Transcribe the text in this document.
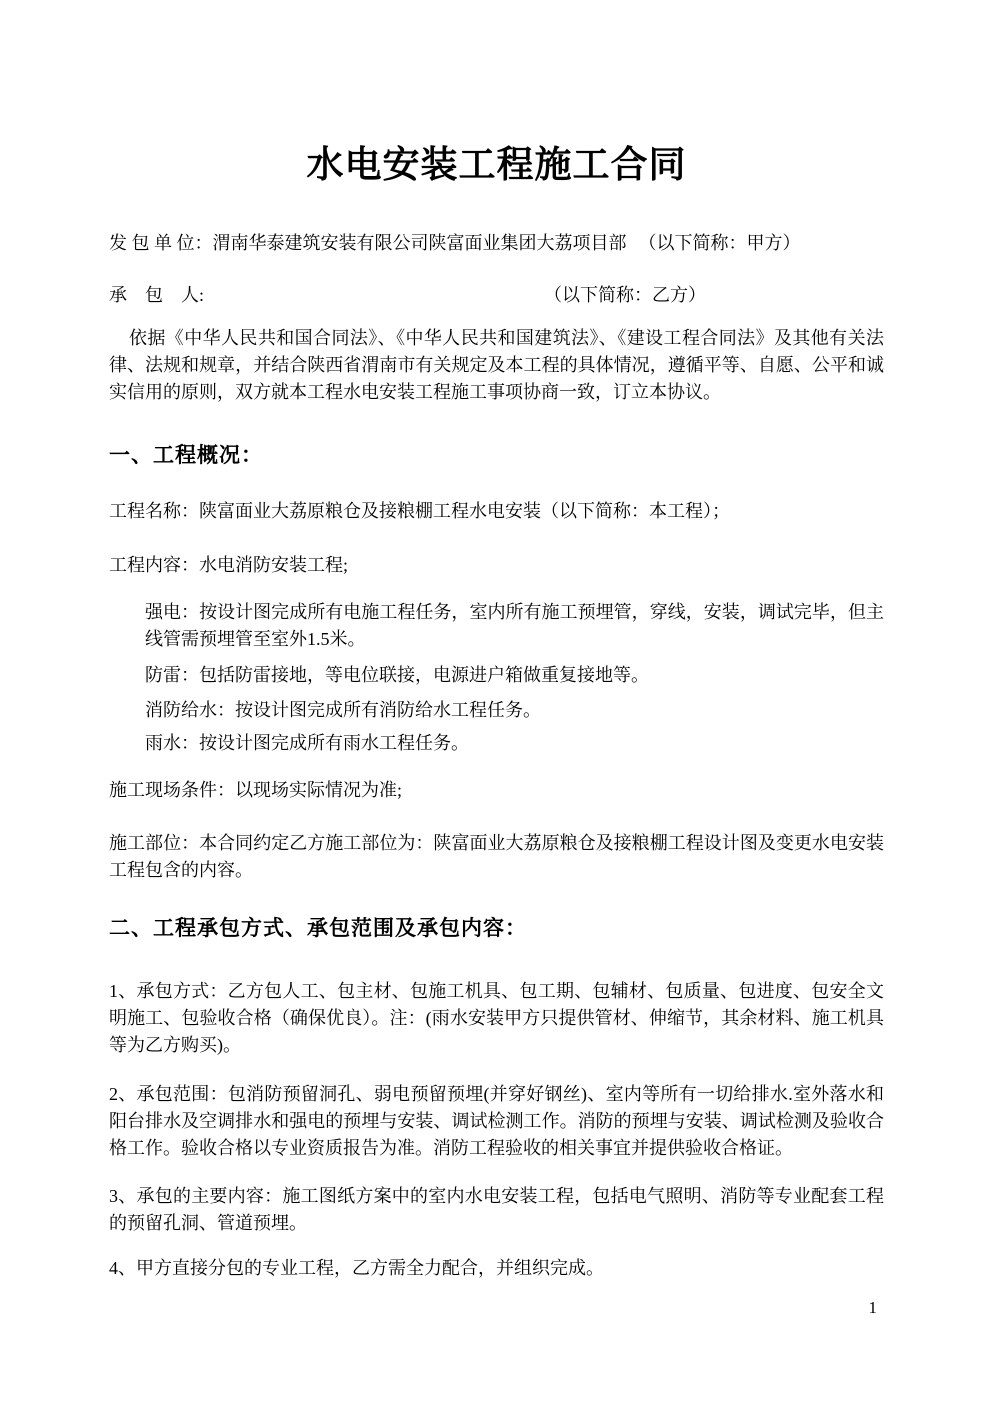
水电安装工程施工合同
发 包 单 位：渭南华泰建筑安装有限公司陕富面业集团大荔项目部 （以下简称：甲方）
承　包　人:	（以下简称：乙方）
依据《中华人民共和国合同法》、《中华人民共和国建筑法》、《建设工程合同法》及其他有关法律、法规和规章，并结合陕西省渭南市有关规定及本工程的具体情况，遵循平等、自愿、公平和诚实信用的原则，双方就本工程水电安装工程施工事项协商一致，订立本协议。
一、工程概况：
工程名称：陕富面业大荔原粮仓及接粮棚工程水电安装（以下简称：本工程）；
工程内容：水电消防安装工程;
强电：按设计图完成所有电施工程任务，室内所有施工预埋管，穿线，安装，调试完毕，但主线管需预埋管至室外1.5米。
防雷：包括防雷接地，等电位联接，电源进户箱做重复接地等。
消防给水：按设计图完成所有消防给水工程任务。
雨水：按设计图完成所有雨水工程任务。
施工现场条件：以现场实际情况为准;
施工部位：本合同约定乙方施工部位为：陕富面业大荔原粮仓及接粮棚工程设计图及变更水电安装工程包含的内容。
二、工程承包方式、承包范围及承包内容：
1、承包方式：乙方包人工、包主材、包施工机具、包工期、包辅材、包质量、包进度、包安全文明施工、包验收合格（确保优良）。注：(雨水安装甲方只提供管材、伸缩节，其余材料、施工机具等为乙方购买)。
2、承包范围：包消防预留洞孔、弱电预留预埋(并穿好钢丝)、室内等所有一切给排水.室外落水和阳台排水及空调排水和强电的预埋与安装、调试检测工作。消防的预埋与安装、调试检测及验收合格工作。验收合格以专业资质报告为准。消防工程验收的相关事宜并提供验收合格证。
3、承包的主要内容：施工图纸方案中的室内水电安装工程，包括电气照明、消防等专业配套工程的预留孔洞、管道预埋。
4、甲方直接分包的专业工程，乙方需全力配合，并组织完成。
1
